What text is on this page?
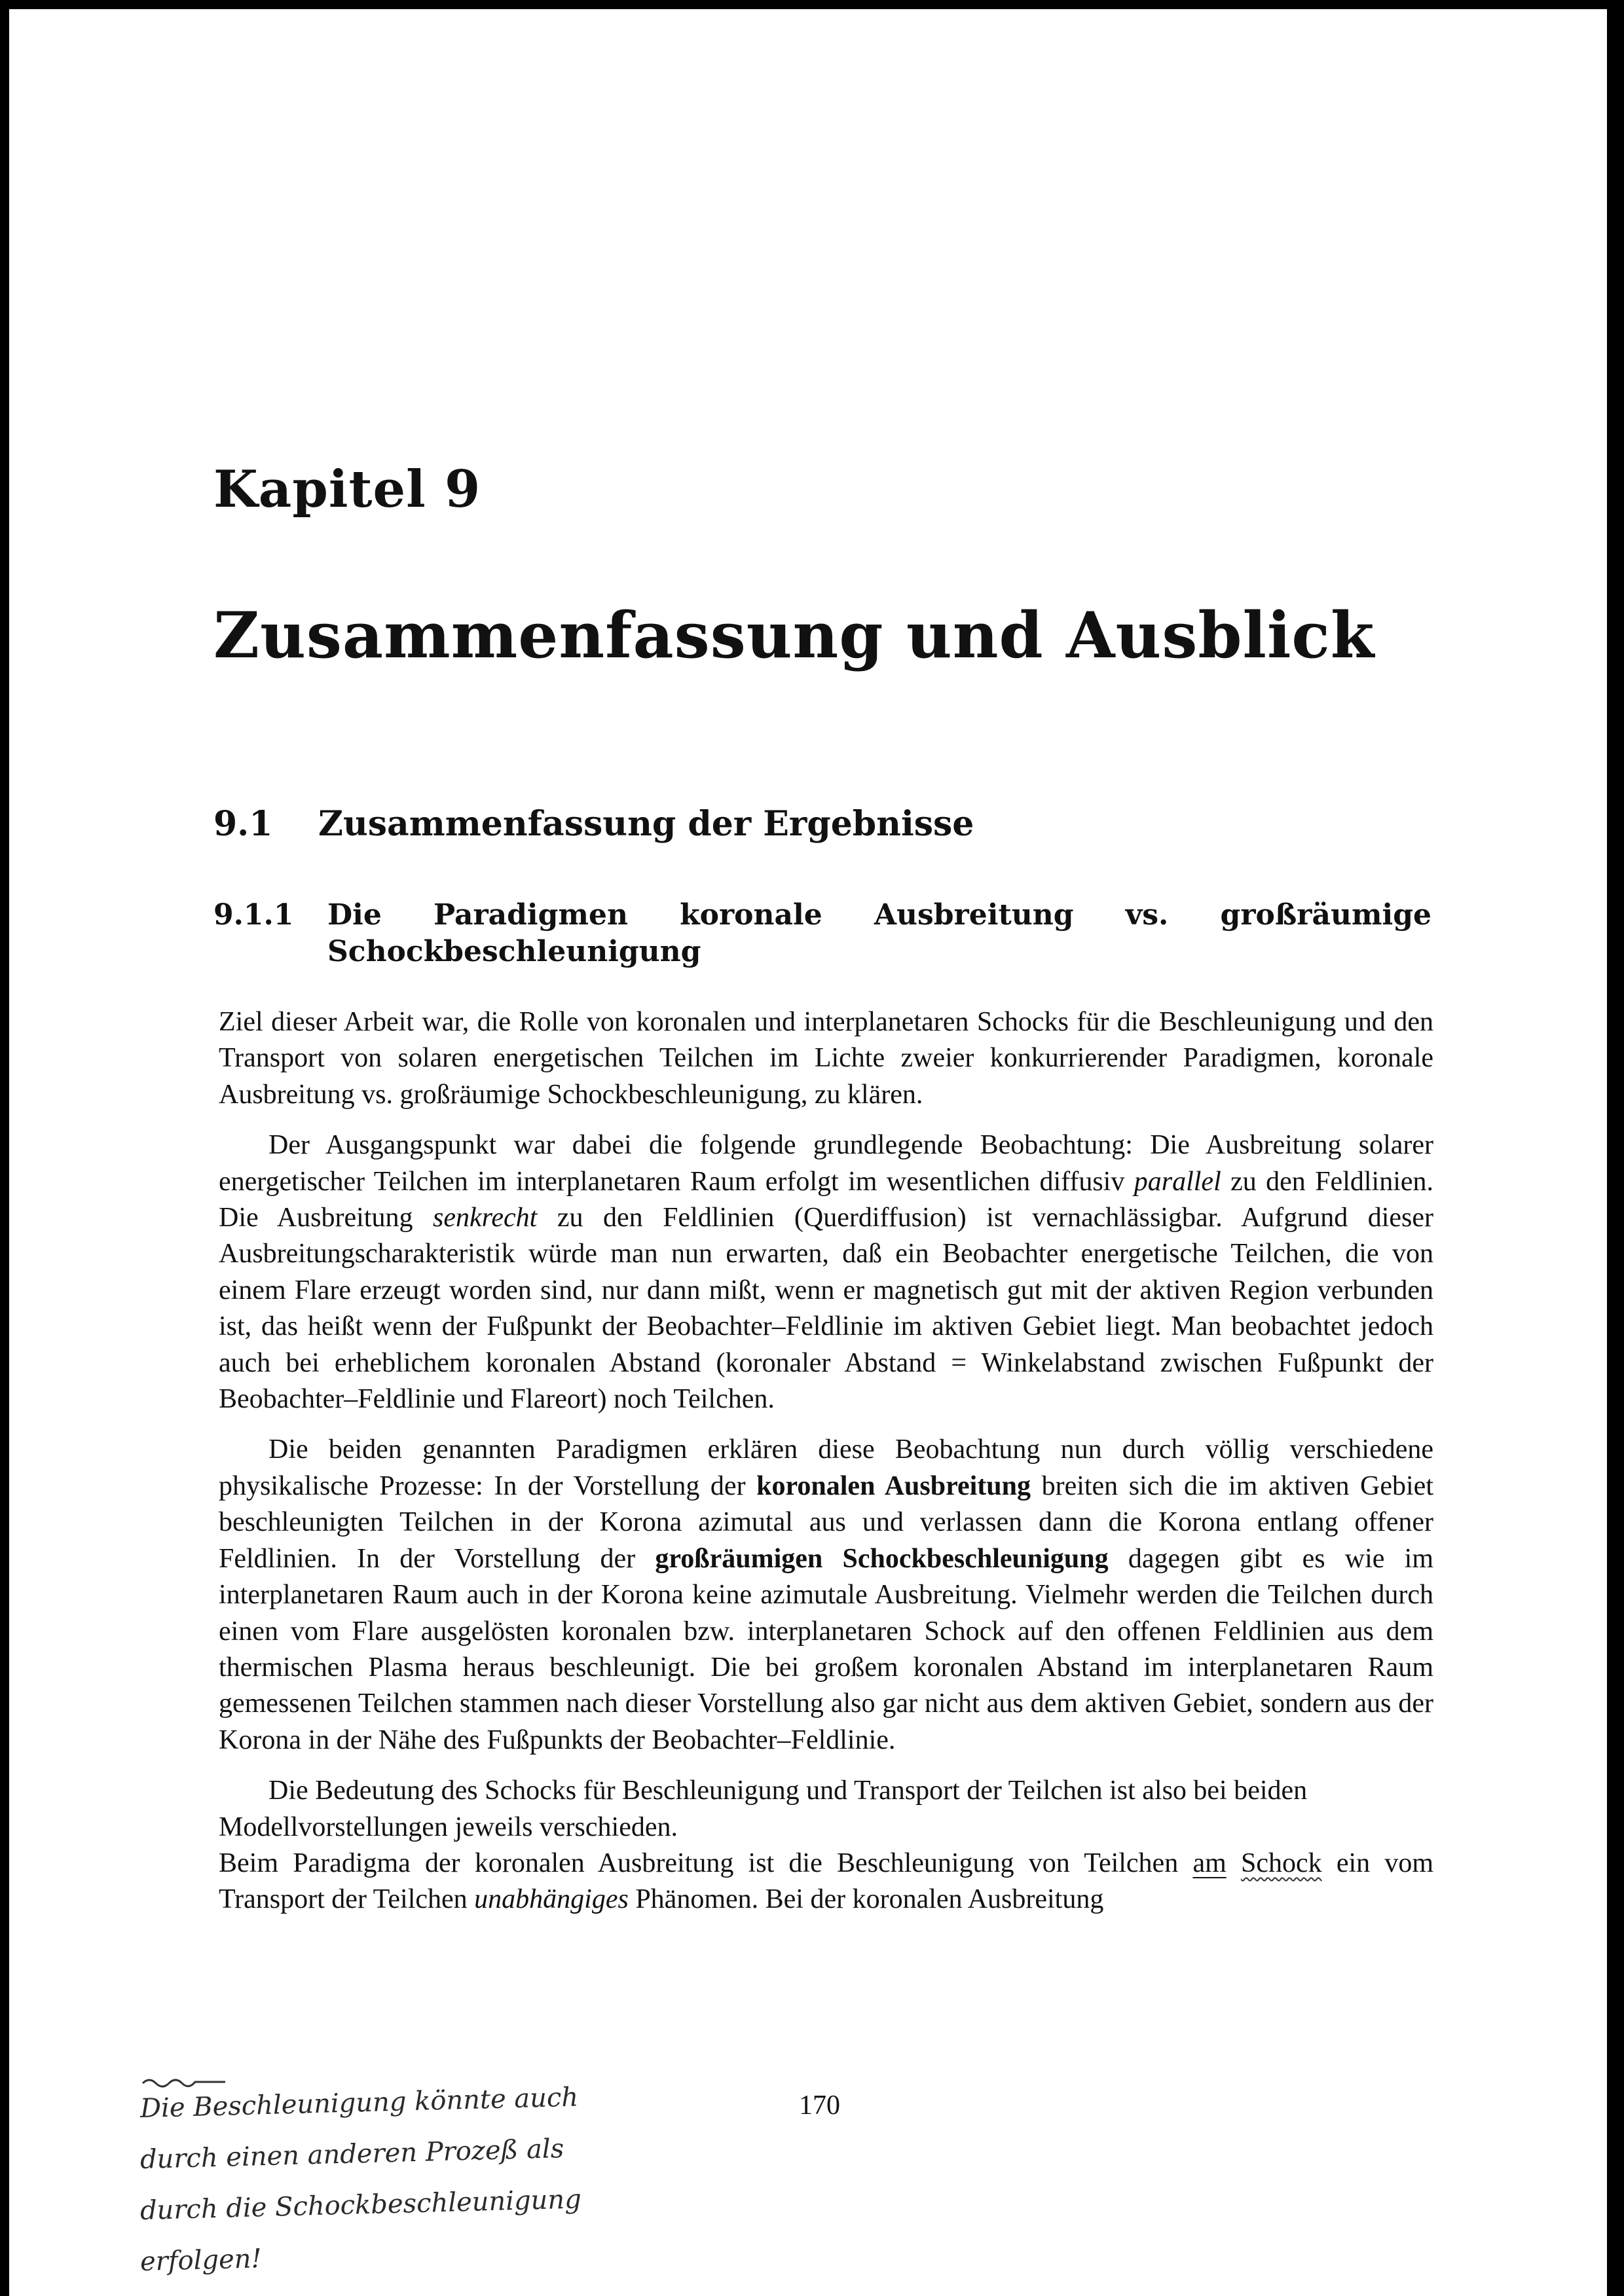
Kapitel 9
Zusammenfassung und Ausblick
9.1 Zusammenfassung der Ergebnisse
9.1.1 Die Paradigmen koronale Ausbreitung vs. großräumige Schockbeschleunigung

Ziel dieser Arbeit war, die Rolle von koronalen und interplanetaren Schocks für die Beschleunigung und den Transport von solaren energetischen Teilchen im Lichte zweier konkurrierender Paradigmen, koronale Ausbreitung vs. großräumige Schockbeschleunigung, zu klären.

Der Ausgangspunkt war dabei die folgende grundlegende Beobachtung: Die Ausbreitung solarer energetischer Teilchen im interplanetaren Raum erfolgt im wesentlichen diffusiv parallel zu den Feldlinien. Die Ausbreitung senkrecht zu den Feldlinien (Querdiffusion) ist vernachlässigbar. Aufgrund dieser Ausbreitungscharakteristik würde man nun erwarten, daß ein Beobachter energetische Teilchen, die von einem Flare erzeugt worden sind, nur dann mißt, wenn er magnetisch gut mit der aktiven Region verbunden ist, das heißt wenn der Fußpunkt der Beobachter–Feldlinie im aktiven Gebiet liegt. Man beobachtet jedoch auch bei erheblichem koronalen Abstand (koronaler Abstand = Winkelabstand zwischen Fußpunkt der Beobachter–Feldlinie und Flareort) noch Teilchen.

Die beiden genannten Paradigmen erklären diese Beobachtung nun durch völlig verschiedene physikalische Prozesse: In der Vorstellung der koronalen Ausbreitung breiten sich die im aktiven Gebiet beschleunigten Teilchen in der Korona azimutal aus und verlassen dann die Korona entlang offener Feldlinien. In der Vorstellung der großräumigen Schockbeschleunigung dagegen gibt es wie im interplanetaren Raum auch in der Korona keine azimutale Ausbreitung. Vielmehr werden die Teilchen durch einen vom Flare ausgelösten koronalen bzw. interplanetaren Schock auf den offenen Feldlinien aus dem thermischen Plasma heraus beschleunigt. Die bei großem koronalen Abstand im interplanetaren Raum gemessenen Teilchen stammen nach dieser Vorstellung also gar nicht aus dem aktiven Gebiet, sondern aus der Korona in der Nähe des Fußpunkts der Beobachter–Feldlinie.

Die Bedeutung des Schocks für Beschleunigung und Transport der Teilchen ist also bei beiden Modellvorstellungen jeweils verschieden.

Beim Paradigma der koronalen Ausbreitung ist die Beschleunigung von Teilchen am Schock ein vom Transport der Teilchen unabhängiges Phänomen. Bei der koronalen Ausbreitung

170

Die Beschleunigung könnte auch

durch einen anderen Prozeß als

durch die Schockbeschleunigung

erfolgen!
